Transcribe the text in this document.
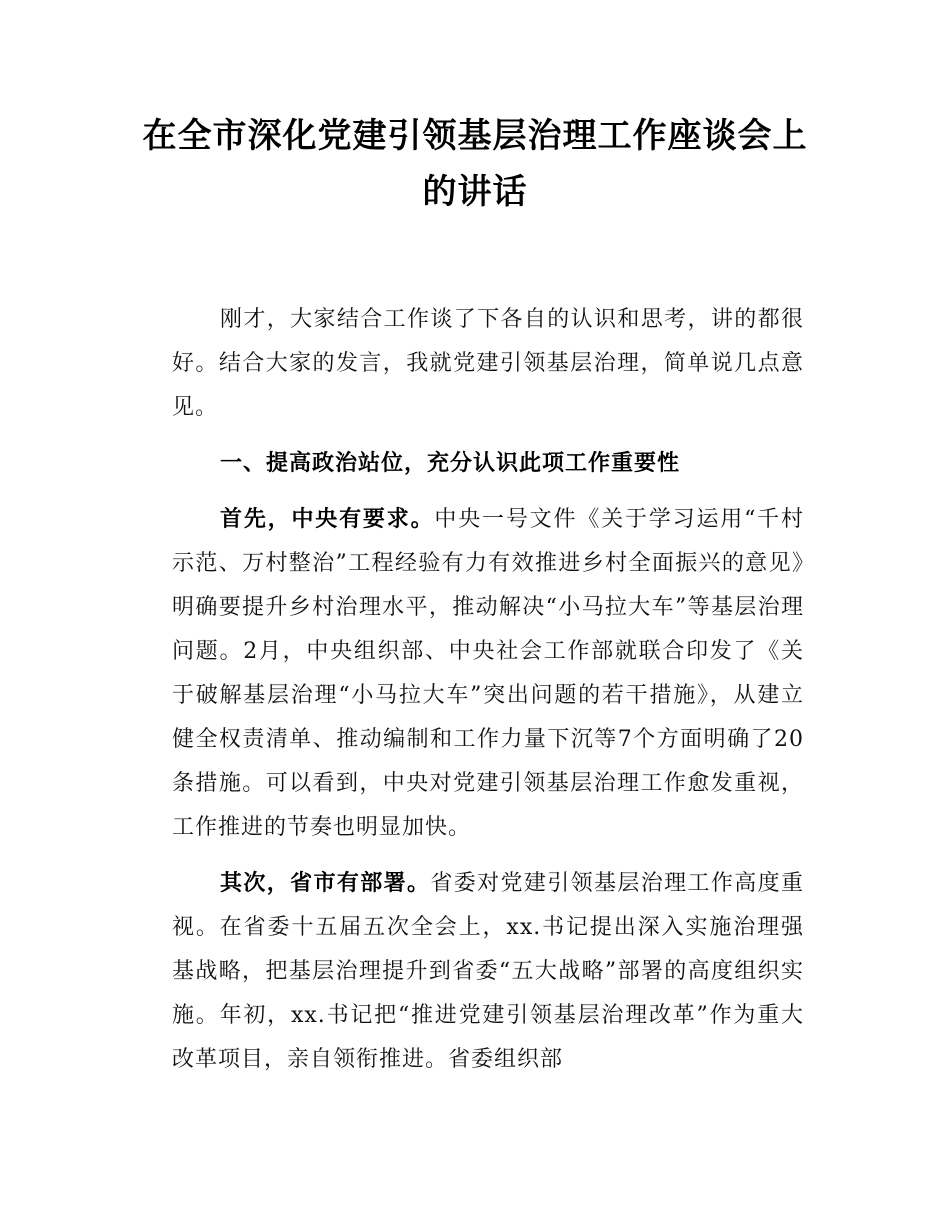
在全市深化党建引领基层治理工作座谈会上的讲话

刚才，大家结合工作谈了下各自的认识和思考，讲的都很好。结合大家的发言，我就党建引领基层治理，简单说几点意见。

一、提高政治站位，充分认识此项工作重要性

首先，中央有要求。中央一号文件《关于学习运用“千村示范、万村整治”工程经验有力有效推进乡村全面振兴的意见》明确要提升乡村治理水平，推动解决“小马拉大车”等基层治理问题。2月，中央组织部、中央社会工作部就联合印发了《关于破解基层治理“小马拉大车”突出问题的若干措施》，从建立健全权责清单、推动编制和工作力量下沉等7个方面明确了20条措施。可以看到，中央对党建引领基层治理工作愈发重视，工作推进的节奏也明显加快。

其次，省市有部署。省委对党建引领基层治理工作高度重视。在省委十五届五次全会上，xx.书记提出深入实施治理强基战略，把基层治理提升到省委“五大战略”部署的高度组织实施。年初，xx.书记把“推进党建引领基层治理改革”作为重大改革项目，亲自领衔推进。省委组织部
